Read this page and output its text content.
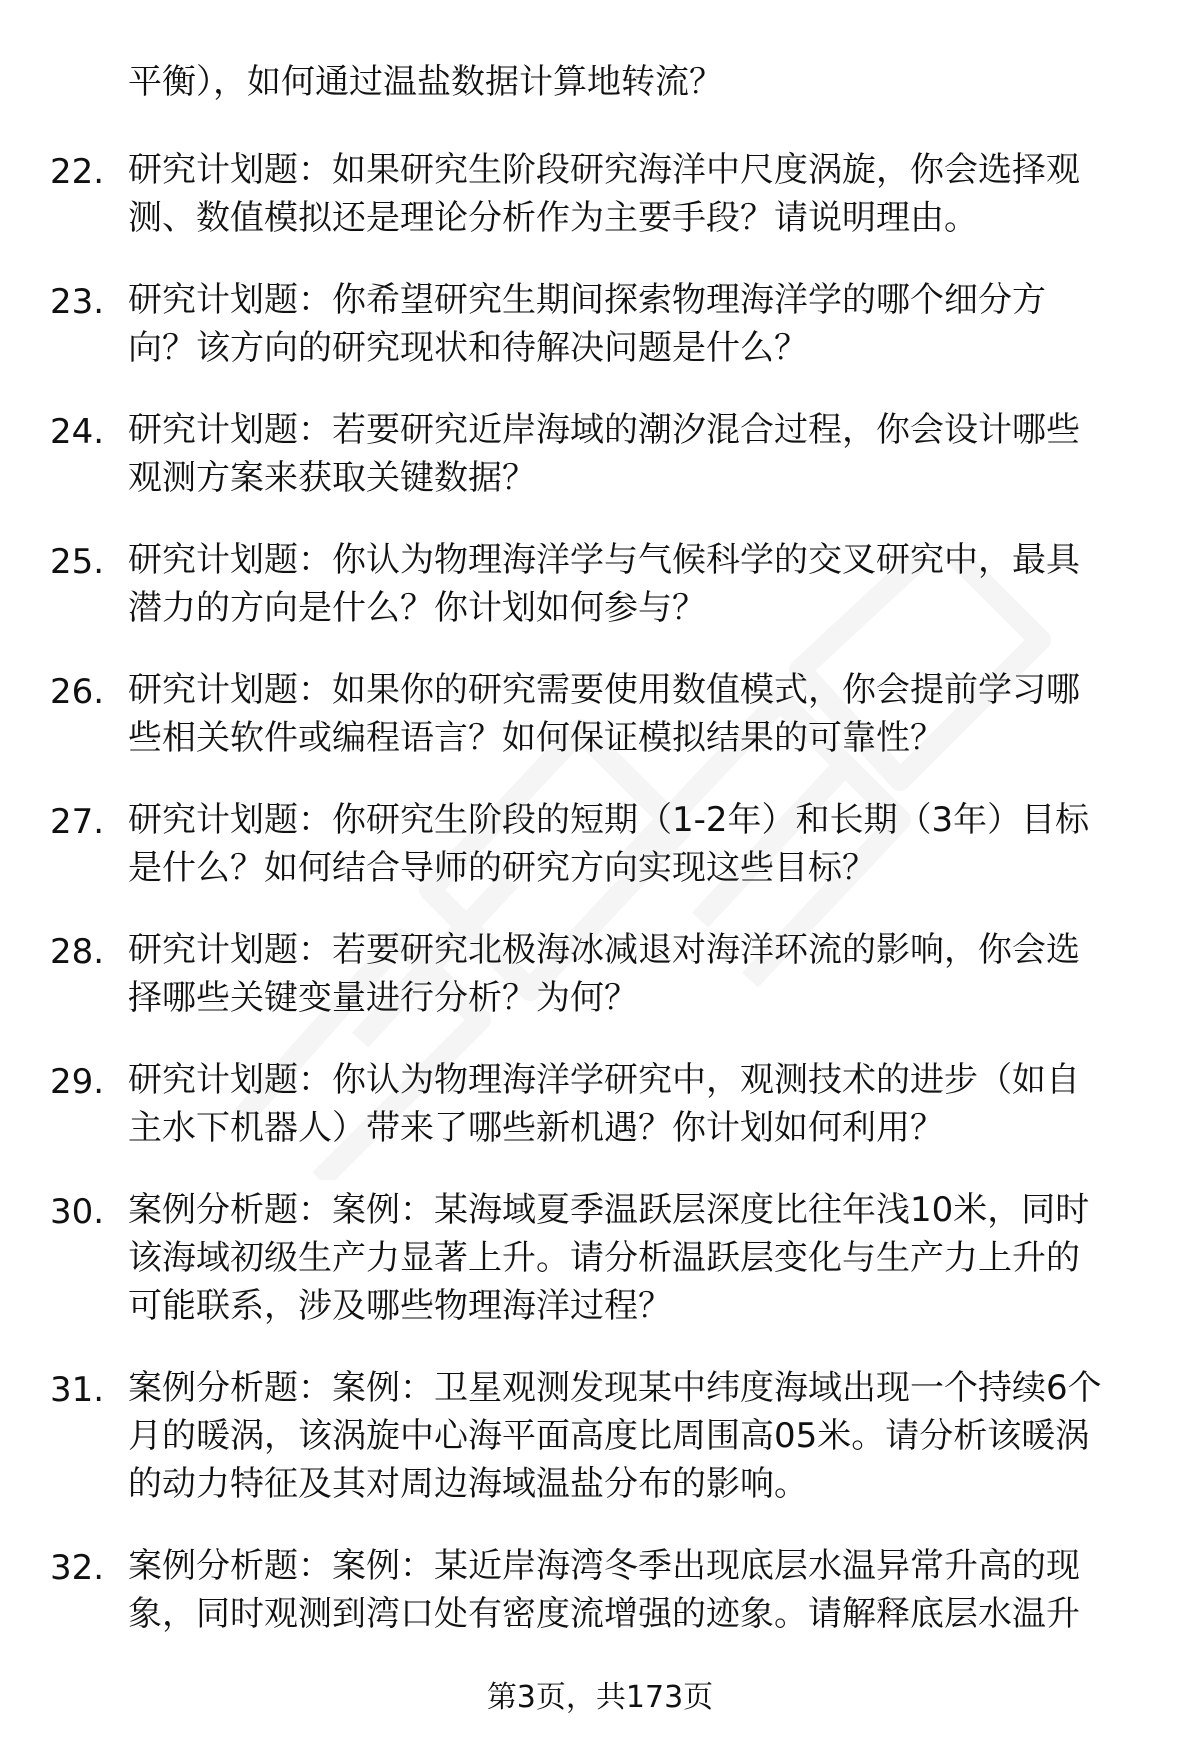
平衡），如何通过温盐数据计算地转流？
22. 研究计划题：如果研究生阶段研究海洋中尺度涡旋，你会选择观
测、数值模拟还是理论分析作为主要手段？请说明理由。
23. 研究计划题：你希望研究生期间探索物理海洋学的哪个细分方
向？该方向的研究现状和待解决问题是什么？
24. 研究计划题：若要研究近岸海域的潮汐混合过程，你会设计哪些
观测方案来获取关键数据？
25. 研究计划题：你认为物理海洋学与气候科学的交叉研究中，最具
潜力的方向是什么？你计划如何参与？
26. 研究计划题：如果你的研究需要使用数值模式，你会提前学习哪
些相关软件或编程语言？如何保证模拟结果的可靠性？
27. 研究计划题：你研究生阶段的短期（1-2年）和长期（3年）目标
是什么？如何结合导师的研究方向实现这些目标？
28. 研究计划题：若要研究北极海冰减退对海洋环流的影响，你会选
择哪些关键变量进行分析？为何？
29. 研究计划题：你认为物理海洋学研究中，观测技术的进步（如自
主水下机器人）带来了哪些新机遇？你计划如何利用？
30. 案例分析题：案例：某海域夏季温跃层深度比往年浅10米，同时
该海域初级生产力显著上升。请分析温跃层变化与生产力上升的
可能联系，涉及哪些物理海洋过程？
31. 案例分析题：案例：卫星观测发现某中纬度海域出现一个持续6个
月的暖涡，该涡旋中心海平面高度比周围高05米。请分析该暖涡
的动力特征及其对周边海域温盐分布的影响。
32. 案例分析题：案例：某近岸海湾冬季出现底层水温异常升高的现
象，同时观测到湾口处有密度流增强的迹象。请解释底层水温升
第3页，共173页
